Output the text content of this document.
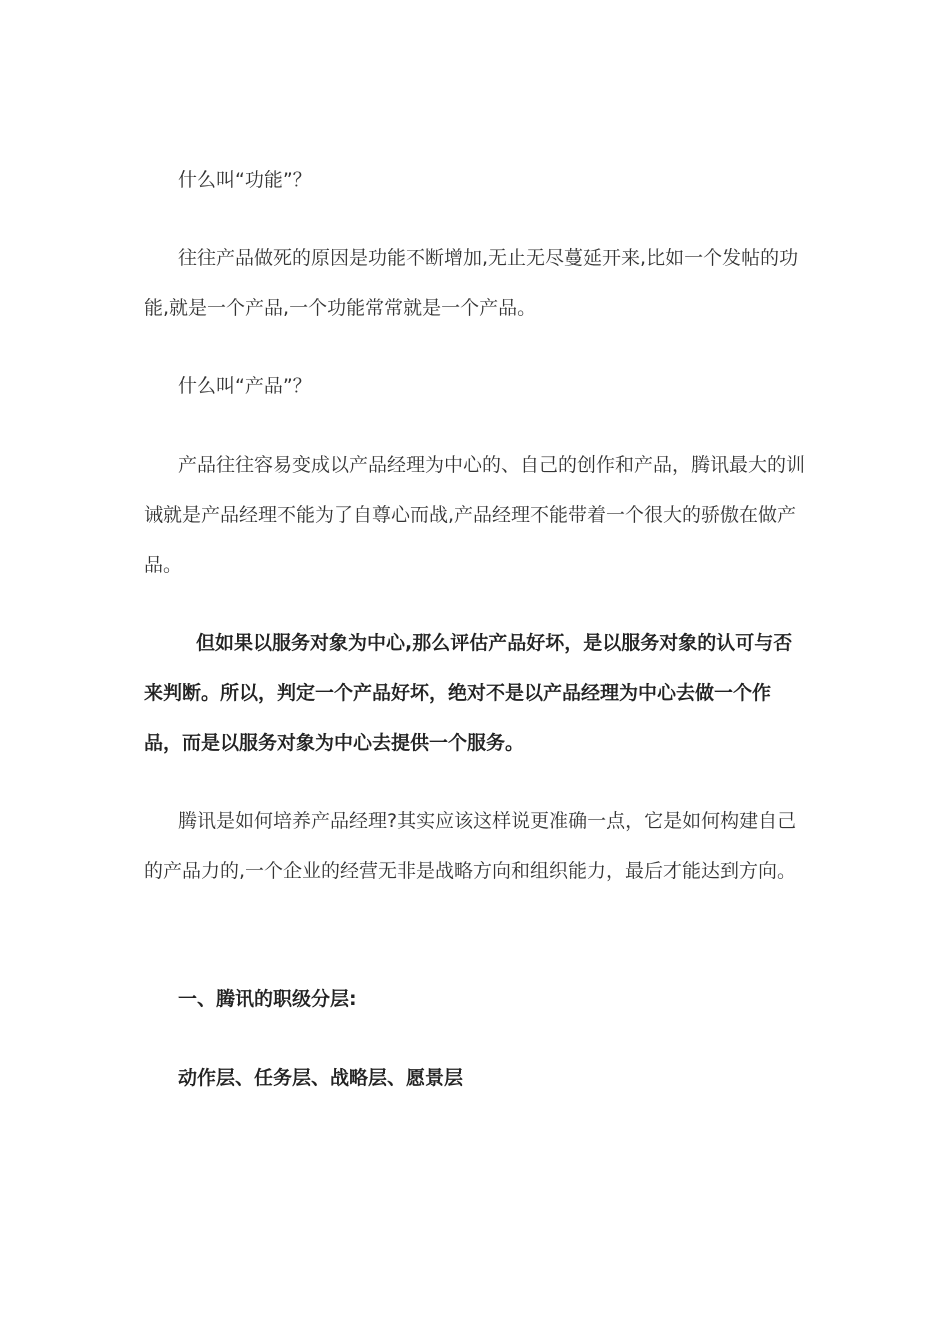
什么叫“功能”？

往往产品做死的原因是功能不断增加,无止无尽蔓延开来,比如一个发帖的功能,就是一个产品,一个功能常常就是一个产品。

什么叫“产品”？

产品往往容易变成以产品经理为中心的、自己的创作和产品，腾讯最大的训诫就是产品经理不能为了自尊心而战,产品经理不能带着一个很大的骄傲在做产品。

但如果以服务对象为中心,那么评估产品好坏，是以服务对象的认可与否来判断。所以，判定一个产品好坏，绝对不是以产品经理为中心去做一个作品，而是以服务对象为中心去提供一个服务。

腾讯是如何培养产品经理?其实应该这样说更准确一点，它是如何构建自己的产品力的,一个企业的经营无非是战略方向和组织能力，最后才能达到方向。

一、腾讯的职级分层:

动作层、任务层、战略层、愿景层
